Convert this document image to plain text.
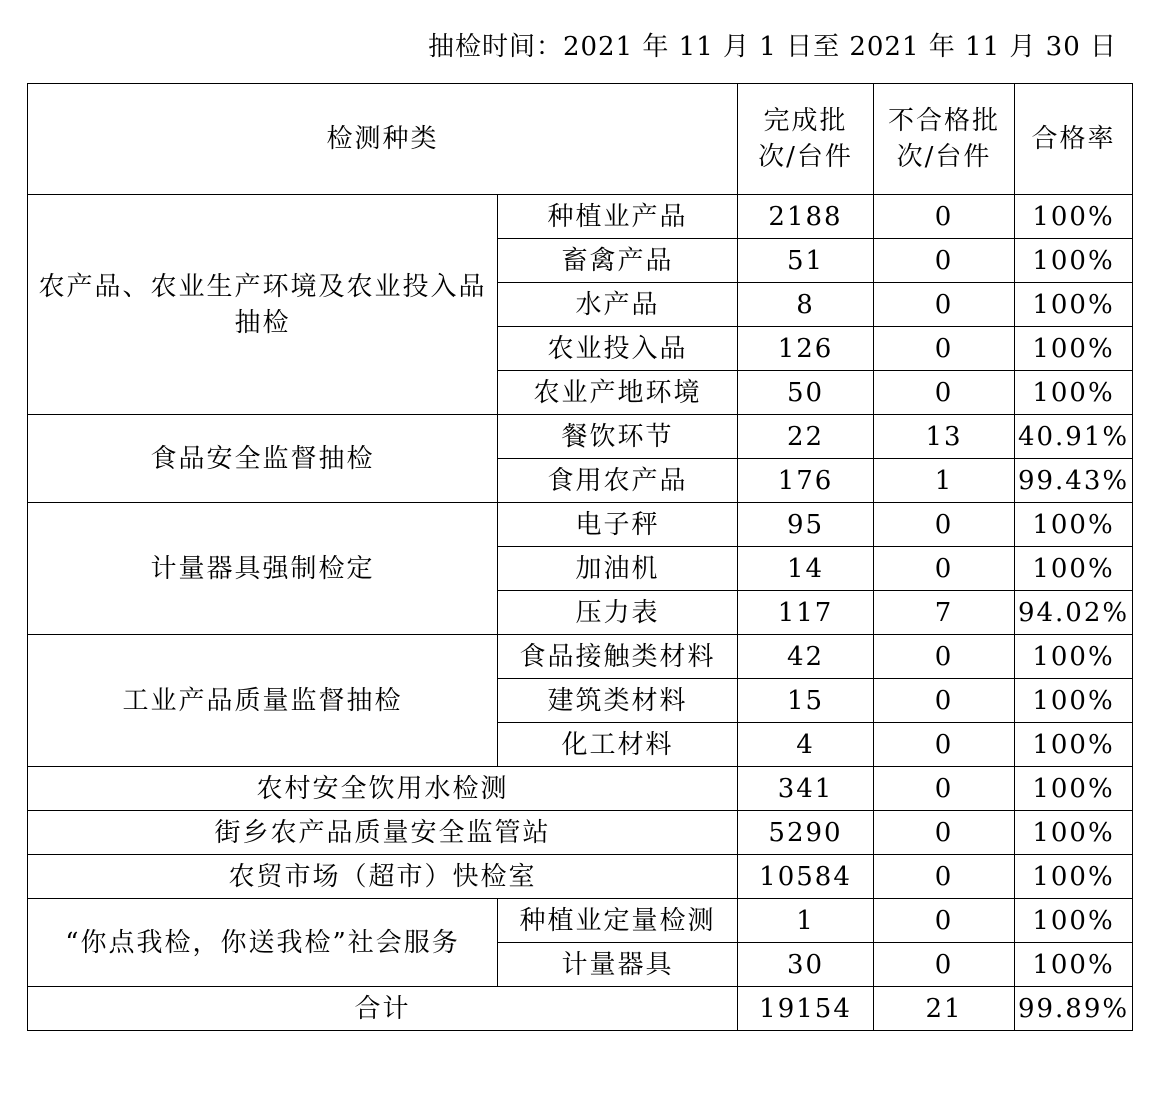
抽检时间：2021 年 11 月 1 日至 2021 年 11 月 30 日
检测种类		完成批次/台件	不合格批次/台件	合格率

农产品、农业生产环境及农业投入品抽检	种植业产品	2188	0	100%
	畜禽产品	51	0	100%
	水产品	8	0	100%
	农业投入品	126	0	100%
	农业产地环境	50	0	100%
食品安全监督抽检	餐饮环节	22	13	40.91%
	食用农产品	176	1	99.43%
计量器具强制检定	电子秤	95	0	100%
	加油机	14	0	100%
	压力表	117	7	94.02%
工业产品质量监督抽检	食品接触类材料	42	0	100%
	建筑类材料	15	0	100%
	化工材料	4	0	100%
农村安全饮用水检测		341	0	100%
街乡农产品质量安全监管站		5290	0	100%
农贸市场（超市）快检室		10584	0	100%
“你点我检，你送我检”社会服务	种植业定量检测	1	0	100%
	计量器具	30	0	100%
合计		19154	21	99.89%
